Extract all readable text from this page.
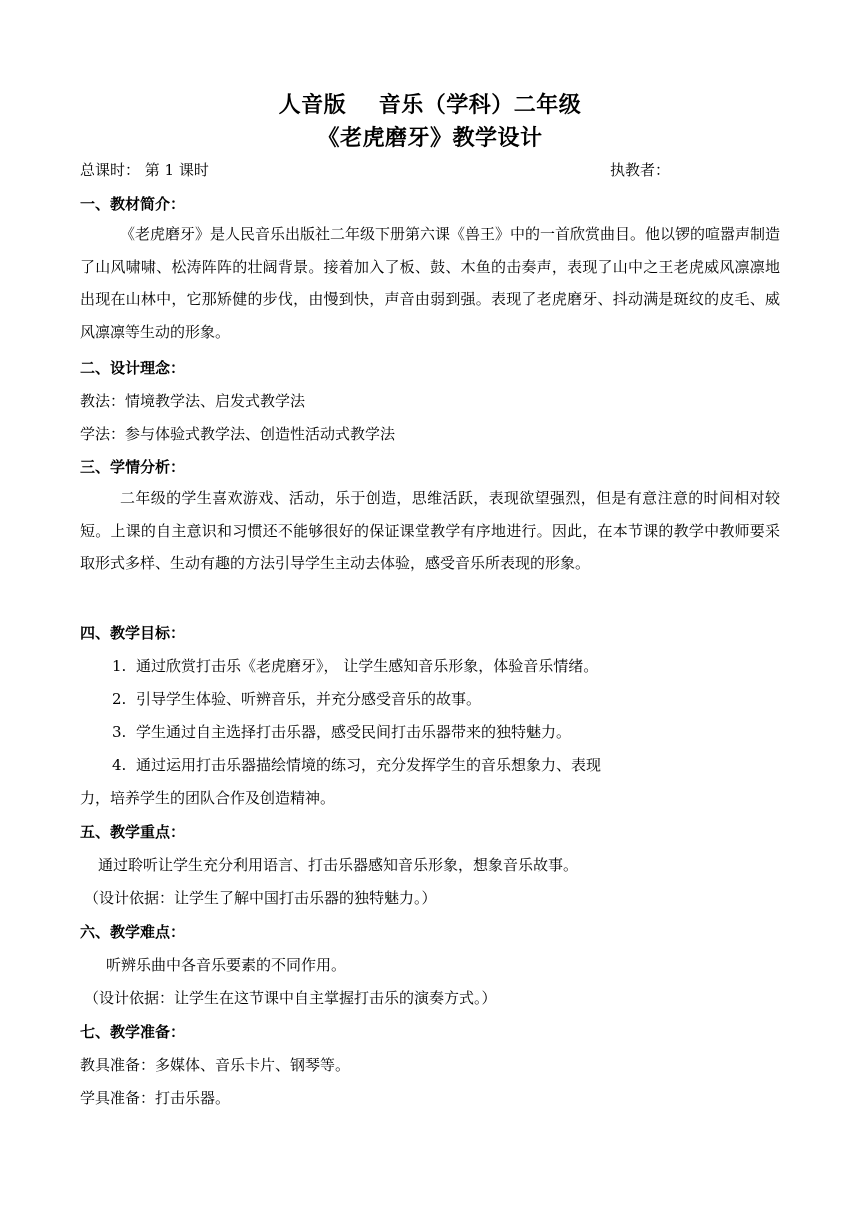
人音版    音乐（学科）二年级
《老虎磨牙》教学设计
总课时： 第 1 课时	执教者：
一、教材简介：

《老虎磨牙》是人民音乐出版社二年级下册第六课《兽王》中的一首欣赏曲目。他以锣的喧嚣声制造了山风啸啸、松涛阵阵的壮阔背景。接着加入了板、鼓、木鱼的击奏声，表现了山中之王老虎威风凛凛地出现在山林中，它那矫健的步伐，由慢到快，声音由弱到强。表现了老虎磨牙、抖动满是斑纹的皮毛、威风凛凛等生动的形象。

二、设计理念：
教法：情境教学法、启发式教学法
学法：参与体验式教学法、创造性活动式教学法
三、学情分析：

二年级的学生喜欢游戏、活动，乐于创造，思维活跃，表现欲望强烈，但是有意注意的时间相对较短。上课的自主意识和习惯还不能够很好的保证课堂教学有序地进行。因此，在本节课的教学中教师要采取形式多样、生动有趣的方法引导学生主动去体验，感受音乐所表现的形象。

四、教学目标：
1. 通过欣赏打击乐《老虎磨牙》， 让学生感知音乐形象，体验音乐情绪。
2. 引导学生体验、听辨音乐，并充分感受音乐的故事。
3. 学生通过自主选择打击乐器，感受民间打击乐器带来的独特魅力。
4. 通过运用打击乐器描绘情境的练习，充分发挥学生的音乐想象力、表现
力，培养学生的团队合作及创造精神。
五、教学重点：
通过聆听让学生充分利用语言、打击乐器感知音乐形象，想象音乐故事。
（设计依据：让学生了解中国打击乐器的独特魅力。）
六、教学难点：
听辨乐曲中各音乐要素的不同作用。
（设计依据：让学生在这节课中自主掌握打击乐的演奏方式。）
七、教学准备：
教具准备：多媒体、音乐卡片、钢琴等。
学具准备：打击乐器。
